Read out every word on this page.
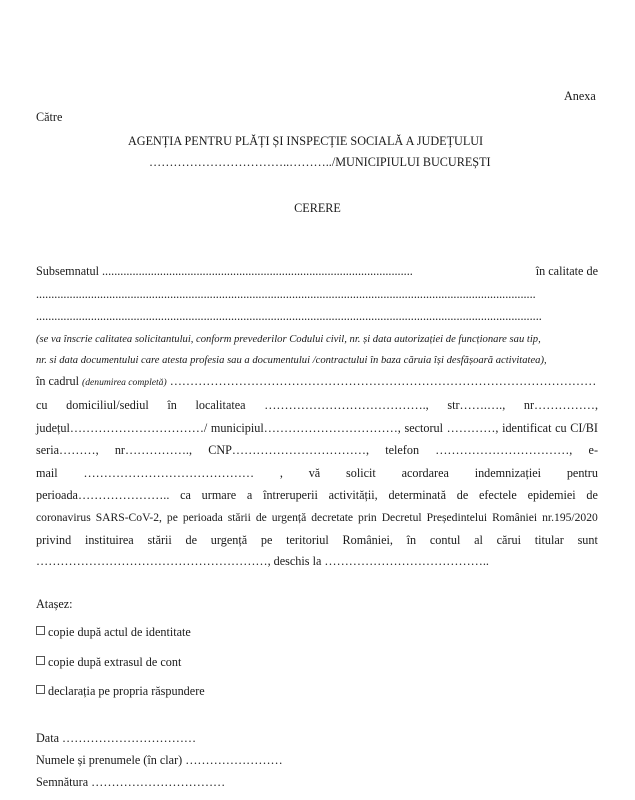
Anexa
Către
AGENȚIA PENTRU PLĂȚI ȘI INSPECȚIE SOCIALĂ A JUDEȚULUI
……………………………..………../MUNICIPIULUI BUCUREȘTI
CERERE
Subsemnatul ......................................................................................................	în calitate de
....................................................................................................................................................................
......................................................................................................................................................................
(se va înscrie calitatea solicitantului, conform prevederilor Codului civil, nr. și data autorizației de funcționare sau tip,
nr. si data documentului care atesta profesia sau a documentului /contractului în baza căruia își desfășoară activitatea),
în cadrul (denumirea completă) ……………………………………………………………………………………………
cu domiciliul/sediul în localitatea …………………………………., str…….…., nr……………,
județul……………………………/ municipiul……………………………, sectorul …………, identificat cu CI/BI
seria………, nr……………., CNP……………………………, telefon ……………………………, e-
mail …………………………………… , vă solicit acordarea indemnizației pentru
perioada………………….. ca urmare a întreruperii activității, determinată de efectele epidemiei de
coronavirus SARS-CoV-2, pe perioada stării de urgență decretate prin Decretul Președintelui României nr.195/2020
privind instituirea stării de urgență pe teritoriul României, în contul al cărui titular sunt
…………………………………………………, deschis la …………………………………..
Atașez:
copie după actul de identitate
copie după extrasul de cont
declarația pe propria răspundere
Data ……………………………
Numele și prenumele (în clar) ……………………
Semnătura ……………………………
